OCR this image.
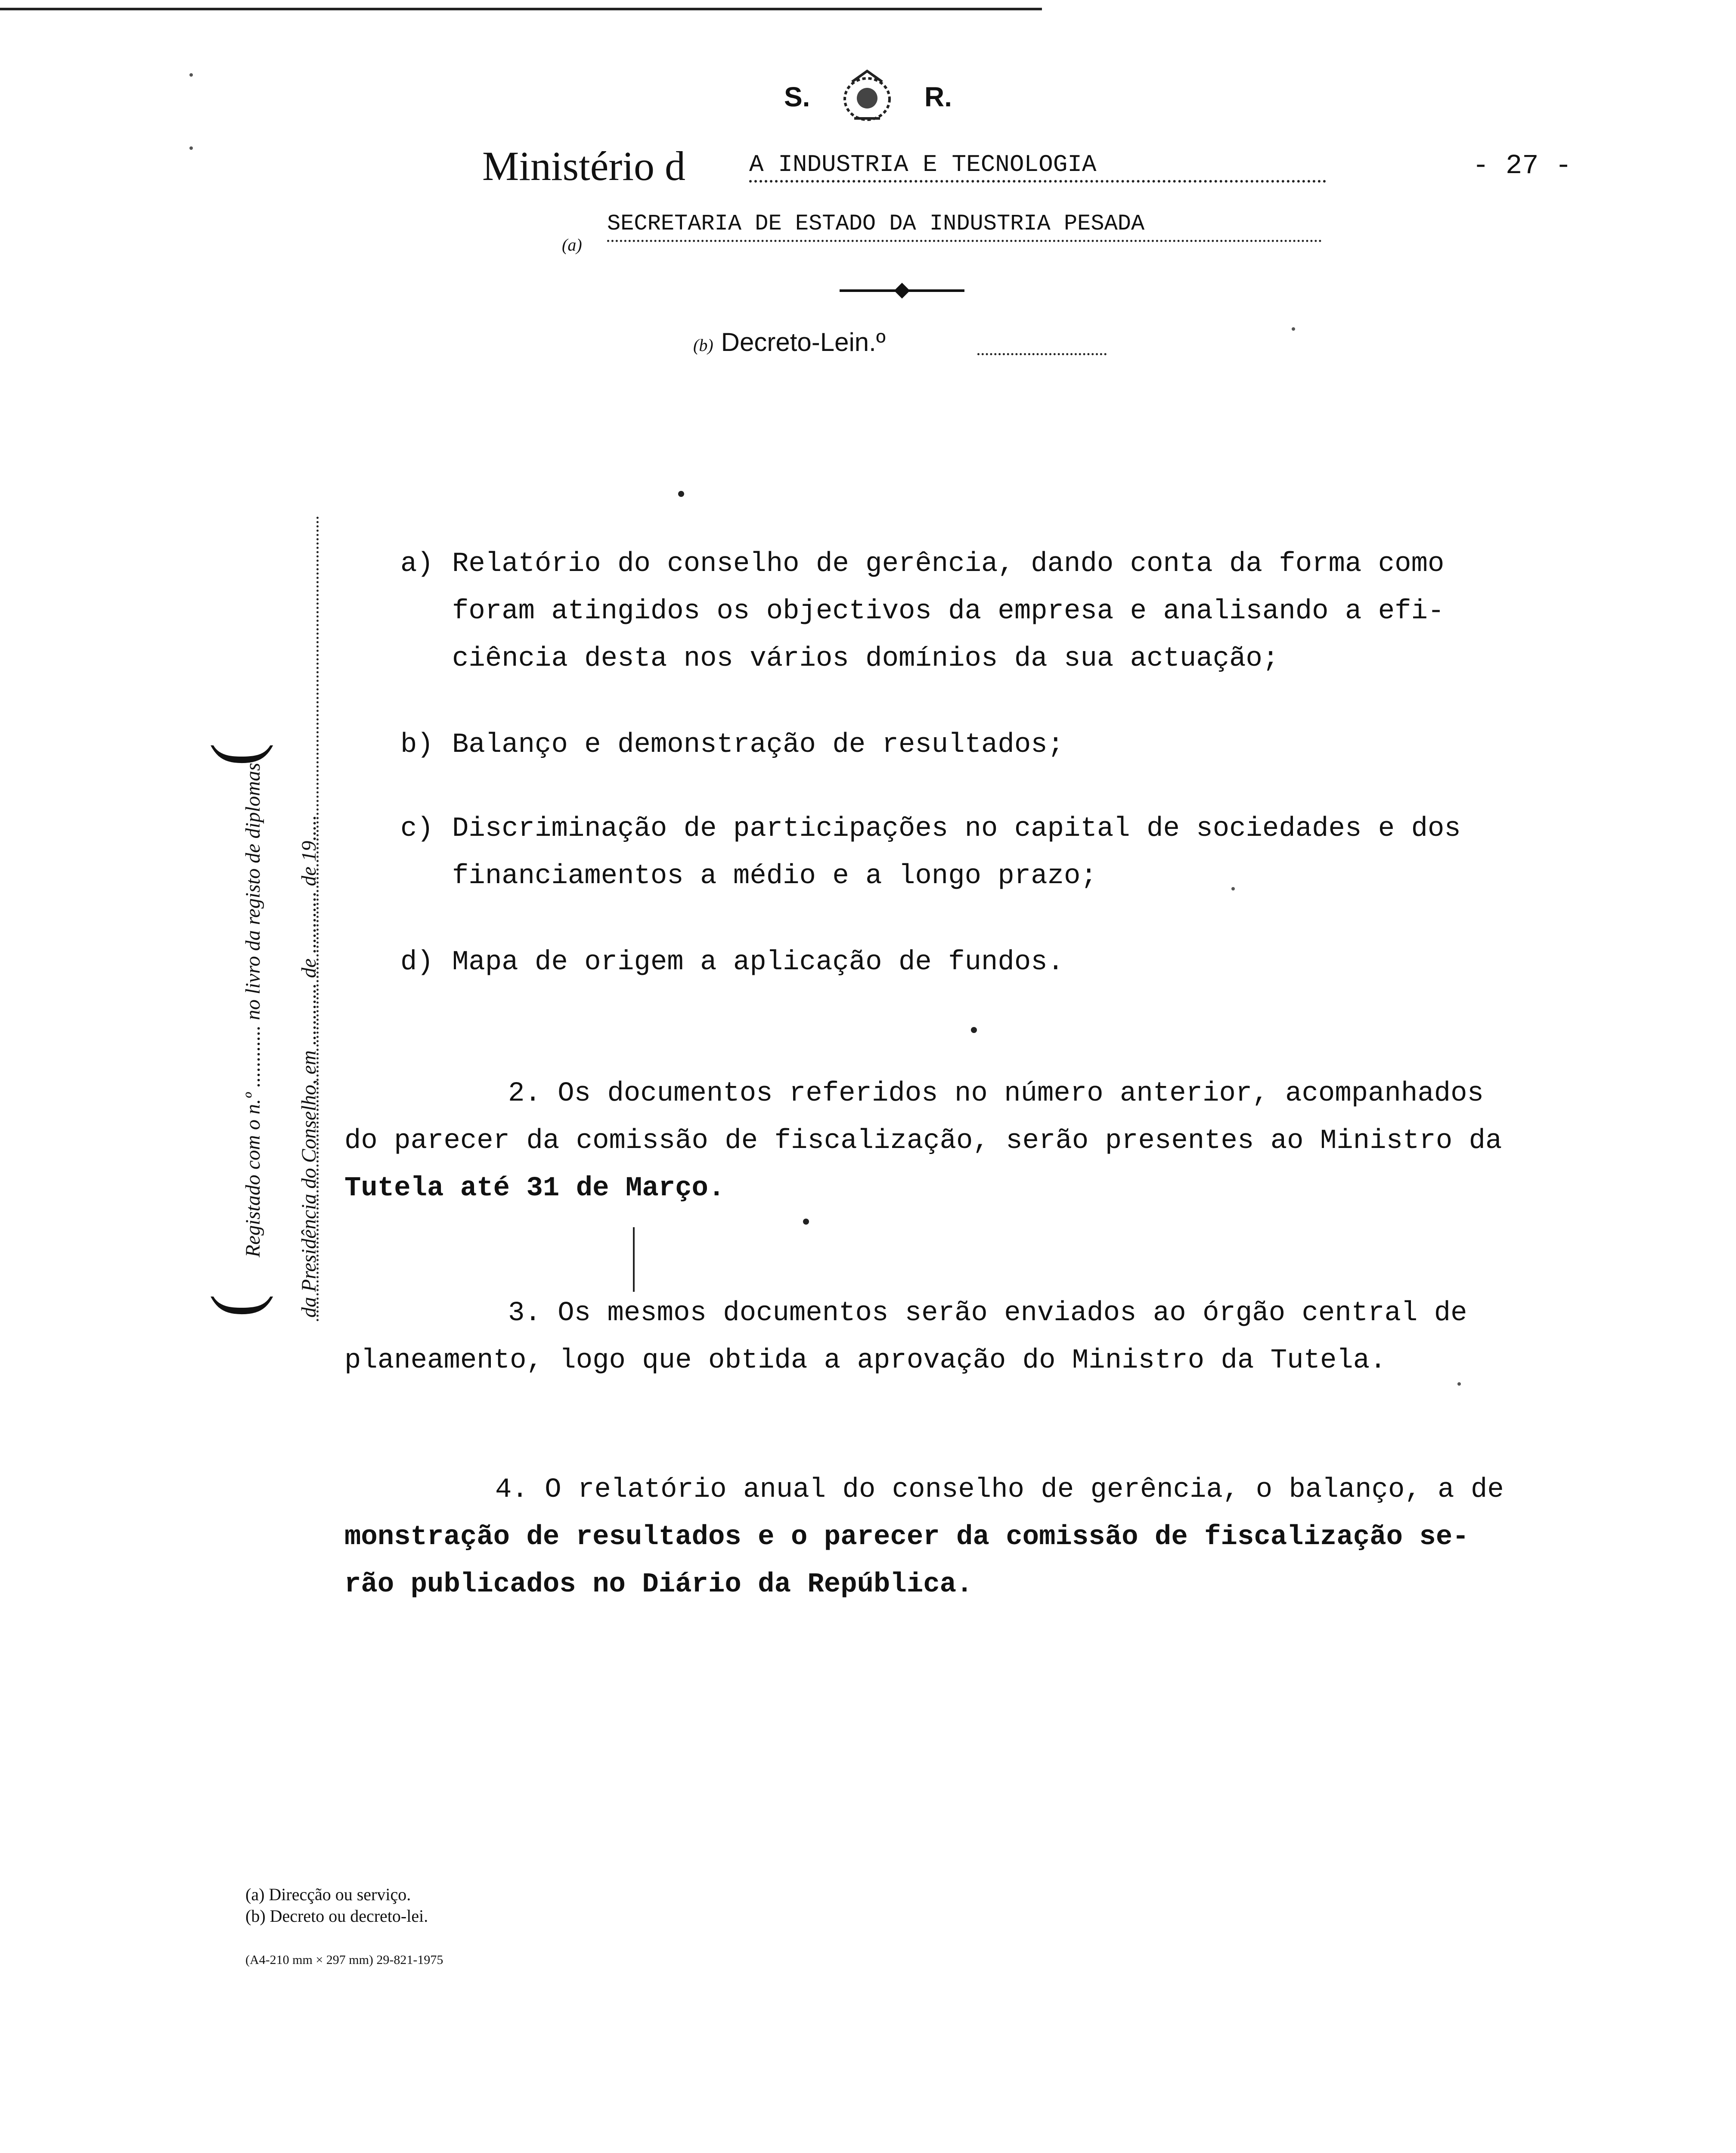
S.	R.
Ministério d	A INDUSTRIA E TECNOLOGIA	- 27 -
(a)
SECRETARIA DE ESTADO DA INDUSTRIA PESADA
(b) Decreto-Lein.º
(
(
Registado com o n.º ............ no livro da registo de diplomas da Presidência do Conselho, em ............ de ............ de 19.....
a) Relatório do conselho de gerência, dando conta da forma como
foram atingidos os objectivos da empresa e analisando a efi-
ciência desta nos vários domínios da sua actuação;
b) Balanço e demonstração de resultados;
c) Discriminação de participações no capital de sociedades e dos
financiamentos a médio e a longo prazo;
d) Mapa de origem a aplicação de fundos.
2. Os documentos referidos no número anterior, acompanhados
do parecer da comissão de fiscalização, serão presentes ao Ministro da
Tutela até 31 de Março.
3. Os mesmos documentos serão enviados ao órgão central de
planeamento, logo que obtida a aprovação do Ministro da Tutela.
4. O relatório anual do conselho de gerência, o balanço, a de
monstração de resultados e o parecer da comissão de fiscalização se-
rão publicados no Diário da República.
(a) Direcção ou serviço.
(b) Decreto ou decreto-lei.
(A4-210 mm × 297 mm) 29-821-1975
